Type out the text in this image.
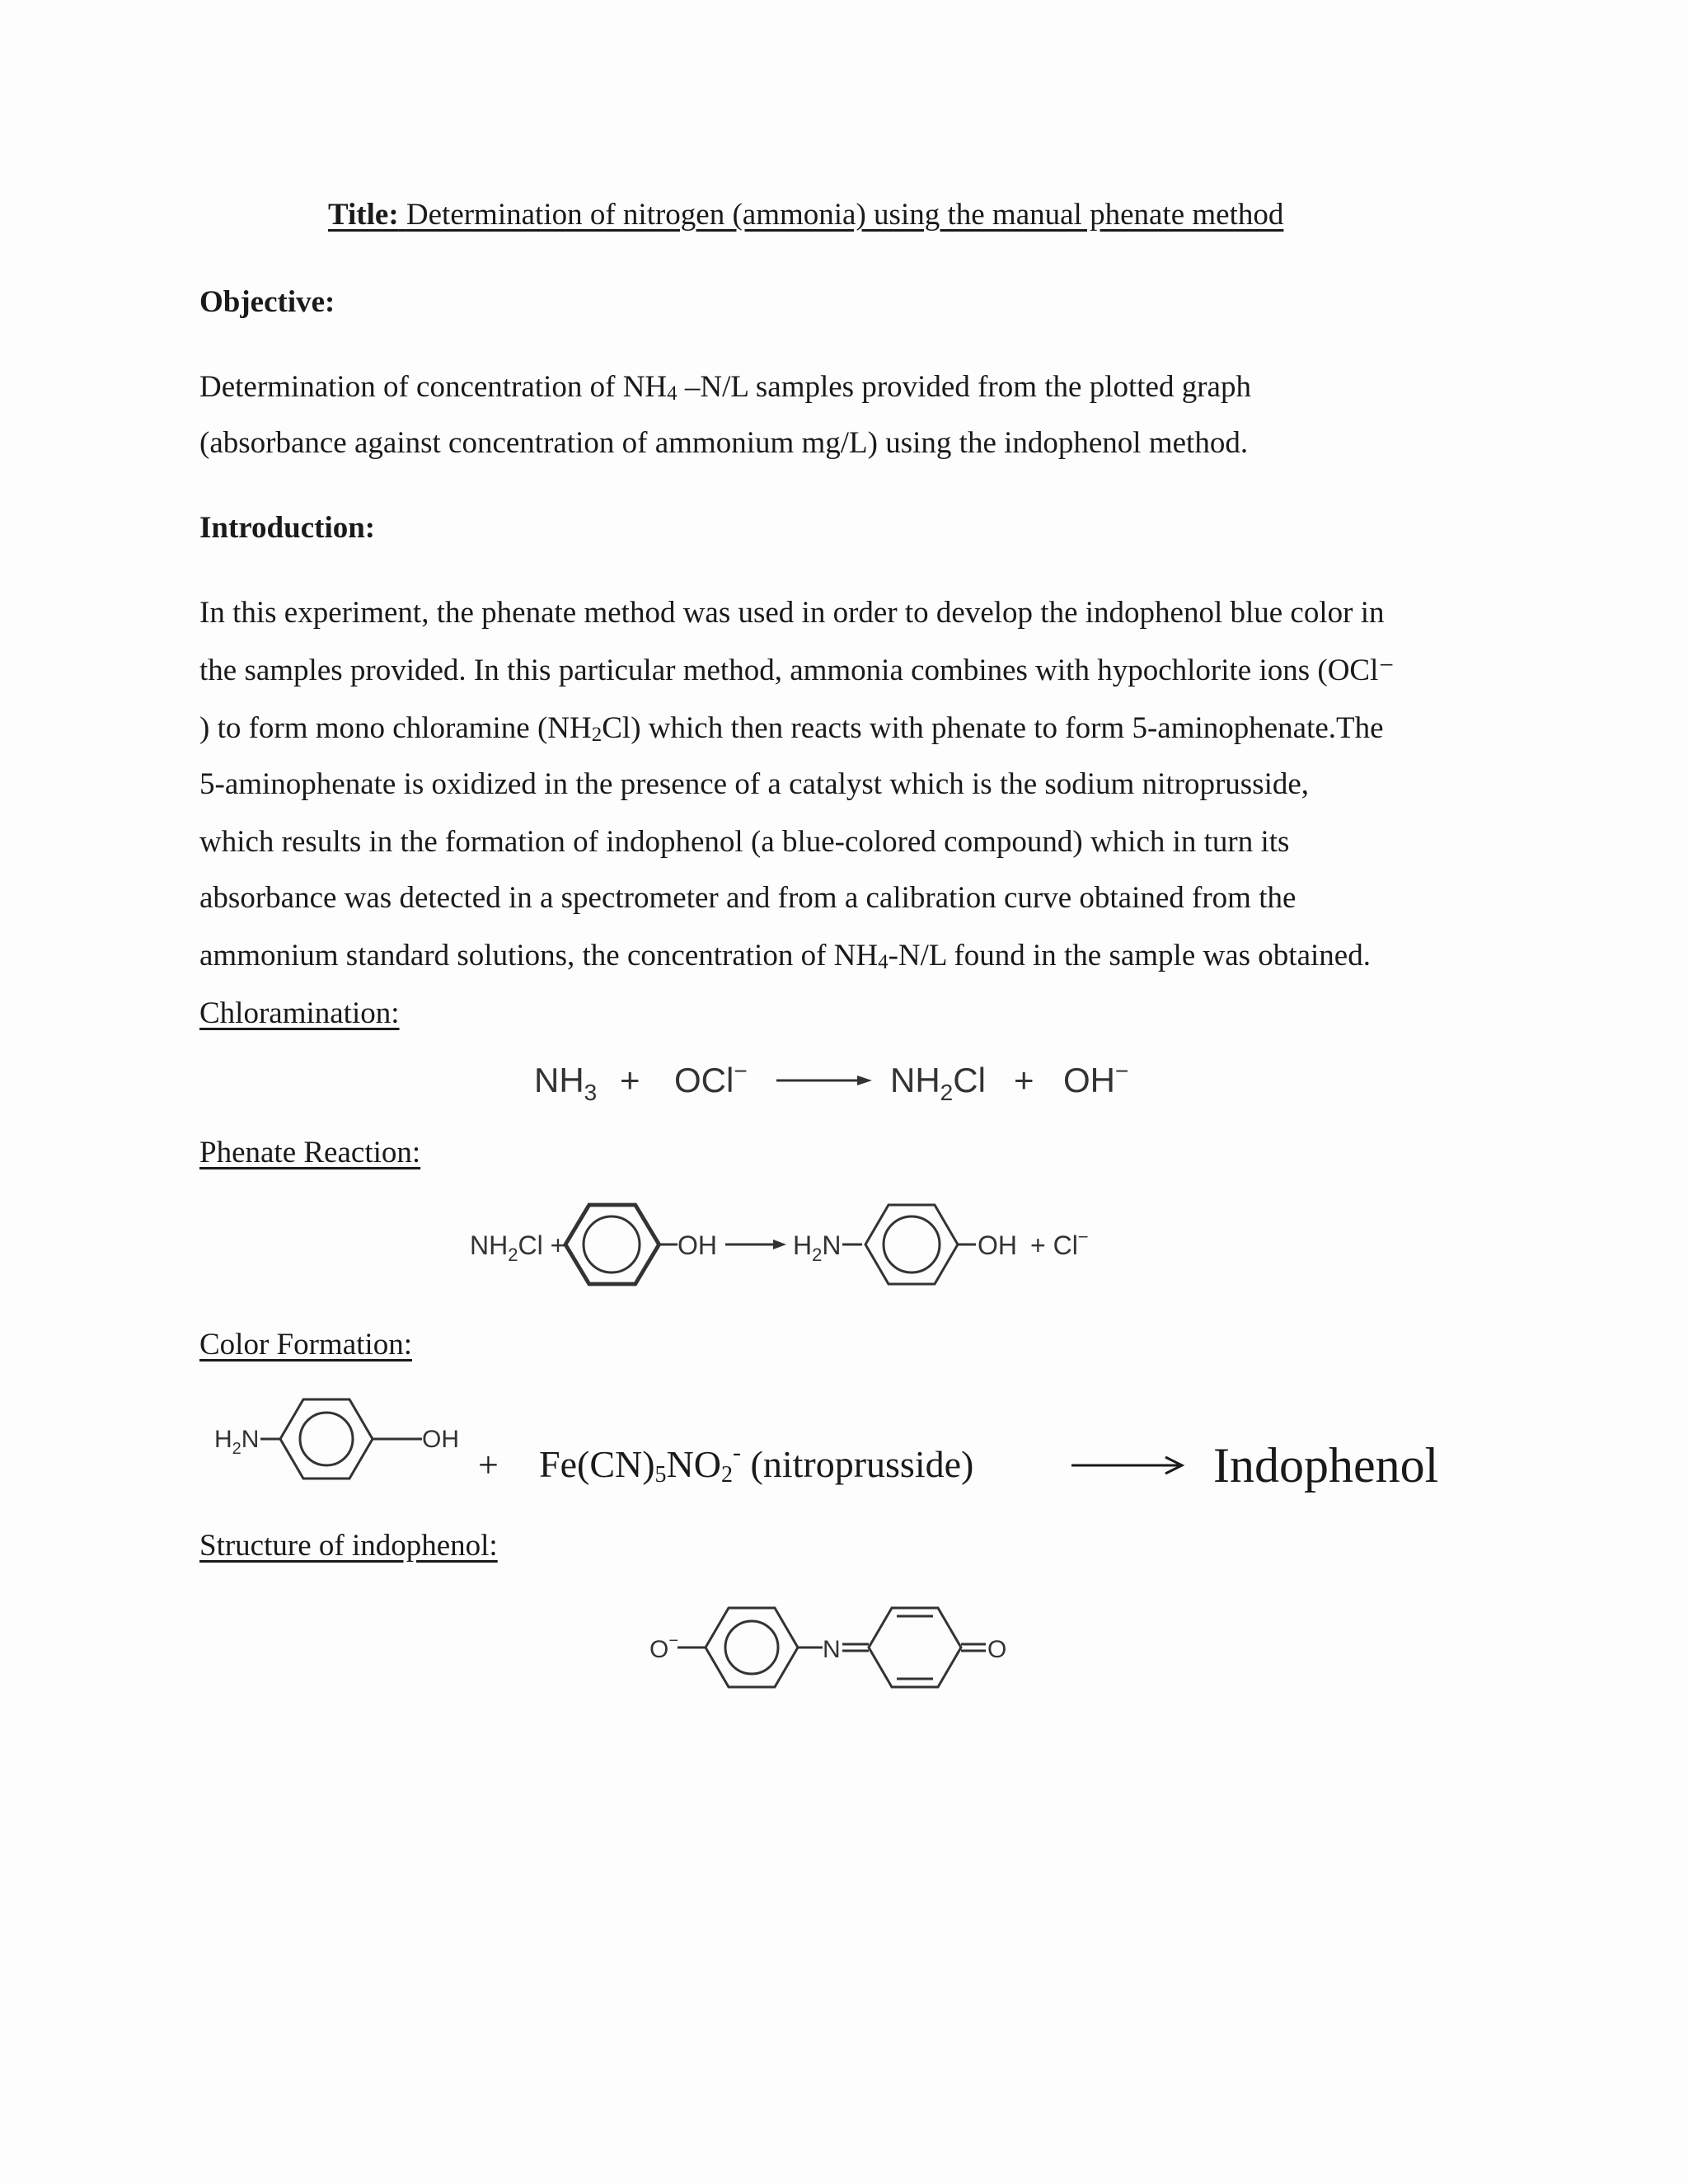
Title: Determination of nitrogen (ammonia) using the manual phenate method
Objective:
Determination of concentration of $NH_4$ –N/L samples provided from the plotted graph
(absorbance against concentration of ammonium mg/L) using the indophenol method.
Introduction:
In this experiment, the phenate method was used in order to develop the indophenol blue color in
the samples provided. In this particular method, ammonia combines with hypochlorite ions (OCl⁻
) to form mono chloramine $(NH_2Cl)$ which then reacts with phenate to form 5-aminophenate.The
5-aminophenate is oxidized in the presence of a catalyst which is the sodium nitroprusside,
which results in the formation of indophenol (a blue-colored compound) which in turn its
absorbance was detected in a spectrometer and from a calibration curve obtained from the
ammonium standard solutions, the concentration of $NH_4-N/L$ found in the sample was obtained.
Chloramination:
$NH_3 + OCl^-$	$NH_2Cl + OH^-$
Phenate Reaction:
$NH_2Cl$ +	OH	$H_2N$	OH + Cl−
Color Formation:
$H_2N$	OH
+ Fe(CN)5NO2- (nitroprusside)	Indophenol
Structure of indophenol:
O−	N	O
